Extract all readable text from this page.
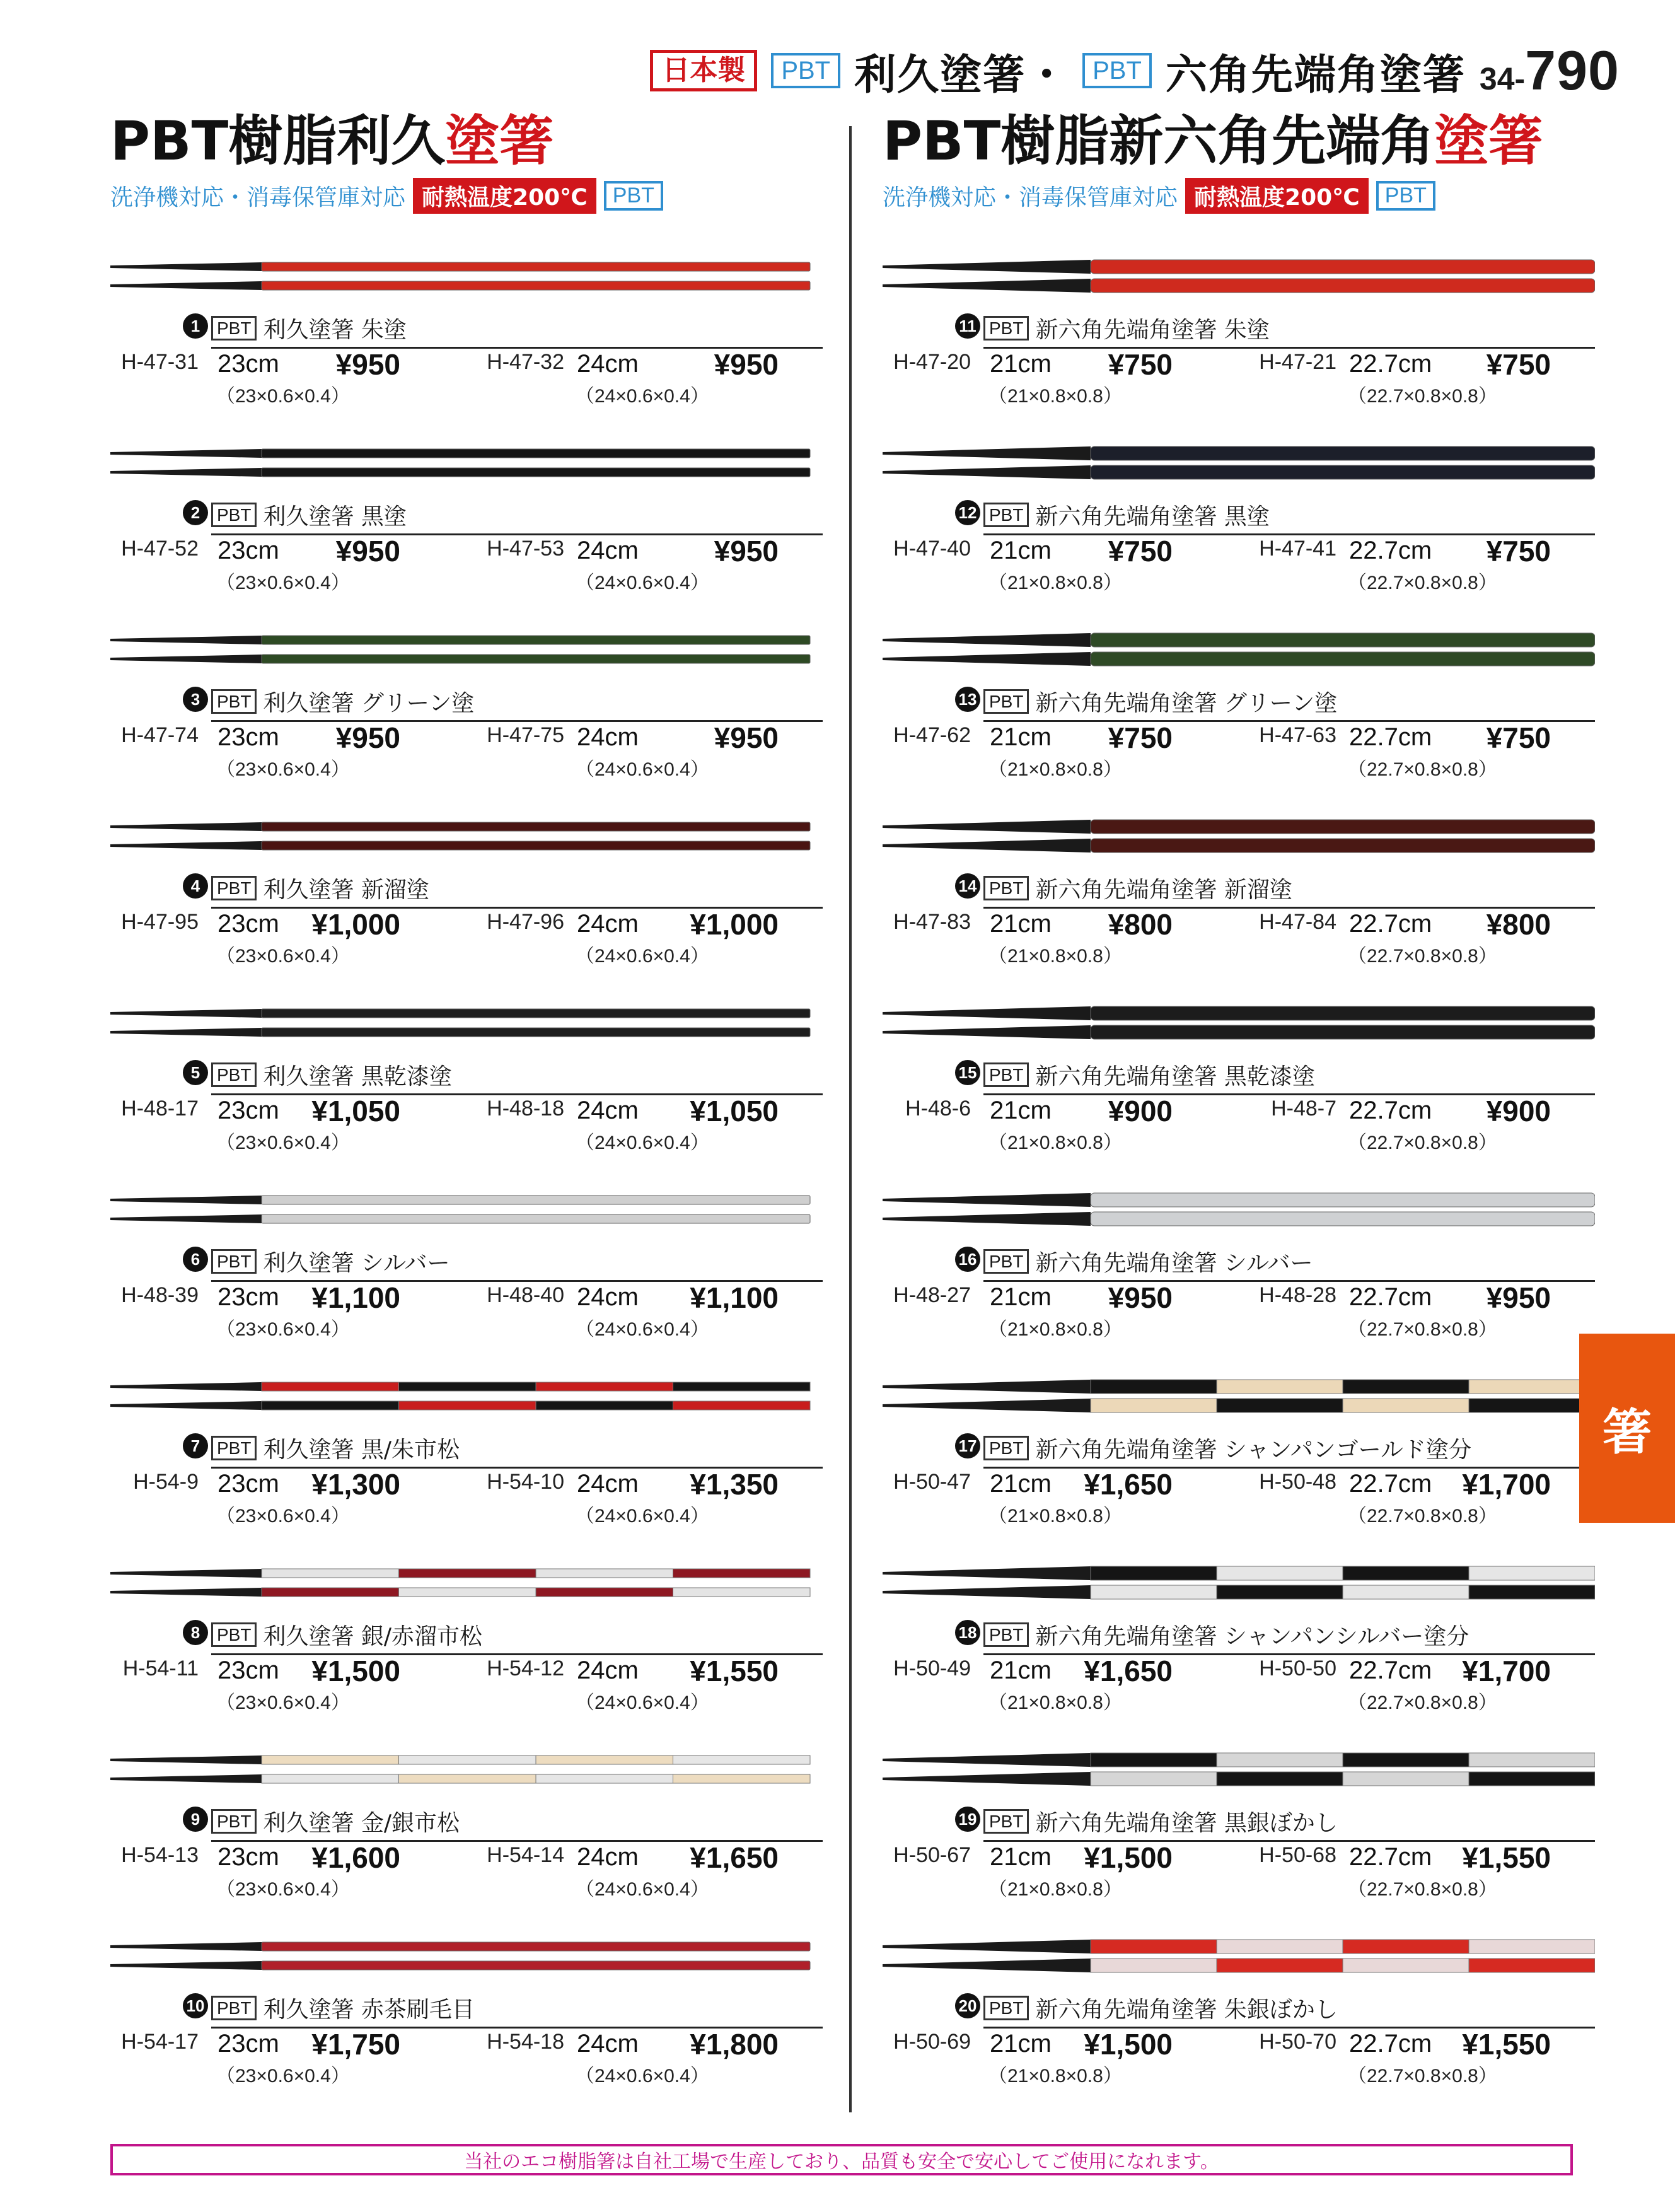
日本製	PBT 利久塗箸・ PBT 六角先端角塗箸 34- 790
PBT樹脂利久塗箸
洗浄機対応・消毒保管庫対応 耐熱温度200℃	PBT
1 PBT 利久塗箸 朱塗
H-47-31 23cm	¥950
（23×0.6×0.4）
H-47-32 24cm	¥950
（24×0.6×0.4）
2 PBT 利久塗箸 黒塗
H-47-52 23cm	¥950
（23×0.6×0.4）
H-47-53 24cm	¥950
（24×0.6×0.4）
3 PBT 利久塗箸 グリーン塗
H-47-74 23cm	¥950
（23×0.6×0.4）
H-47-75 24cm	¥950
（24×0.6×0.4）
4 PBT 利久塗箸 新溜塗
H-47-95 23cm	¥1,000
（23×0.6×0.4）
H-47-96 24cm	¥1,000
（24×0.6×0.4）
5 PBT 利久塗箸 黒乾漆塗
H-48-17 23cm	¥1,050
（23×0.6×0.4）
H-48-18 24cm	¥1,050
（24×0.6×0.4）
6 PBT 利久塗箸 シルバー
H-48-39 23cm	¥1,100
（23×0.6×0.4）
H-48-40 24cm	¥1,100
（24×0.6×0.4）
7 PBT 利久塗箸 黒/朱市松
H-54-9 23cm	¥1,300
（23×0.6×0.4）
H-54-10 24cm	¥1,350
（24×0.6×0.4）
8 PBT 利久塗箸 銀/赤溜市松
H-54-11 23cm	¥1,500
（23×0.6×0.4）
H-54-12 24cm	¥1,550
（24×0.6×0.4）
9 PBT 利久塗箸 金/銀市松
H-54-13 23cm	¥1,600
（23×0.6×0.4）
H-54-14 24cm	¥1,650
（24×0.6×0.4）
10 PBT 利久塗箸 赤茶刷毛目
H-54-17 23cm	¥1,750
（23×0.6×0.4）
H-54-18 24cm	¥1,800
（24×0.6×0.4）
PBT樹脂新六角先端角塗箸
洗浄機対応・消毒保管庫対応 耐熱温度200℃	PBT
11 PBT 新六角先端角塗箸 朱塗
H-47-20 21cm	¥750
（21×0.8×0.8）
H-47-21 22.7cm	¥750
（22.7×0.8×0.8）
12 PBT 新六角先端角塗箸 黒塗
H-47-40 21cm	¥750
（21×0.8×0.8）
H-47-41 22.7cm	¥750
（22.7×0.8×0.8）
13 PBT 新六角先端角塗箸 グリーン塗
H-47-62 21cm	¥750
（21×0.8×0.8）
H-47-63 22.7cm	¥750
（22.7×0.8×0.8）
14 PBT 新六角先端角塗箸 新溜塗
H-47-83 21cm	¥800
（21×0.8×0.8）
H-47-84 22.7cm	¥800
（22.7×0.8×0.8）
15 PBT 新六角先端角塗箸 黒乾漆塗
H-48-6 21cm	¥900
（21×0.8×0.8）
H-48-7 22.7cm	¥900
（22.7×0.8×0.8）
16 PBT 新六角先端角塗箸 シルバー
H-48-27 21cm	¥950
（21×0.8×0.8）
H-48-28 22.7cm	¥950
（22.7×0.8×0.8）
17 PBT 新六角先端角塗箸 シャンパンゴールド塗分
H-50-47 21cm	¥1,650
（21×0.8×0.8）
H-50-48 22.7cm	¥1,700
（22.7×0.8×0.8）
18 PBT 新六角先端角塗箸 シャンパンシルバー塗分
H-50-49 21cm	¥1,650
（21×0.8×0.8）
H-50-50 22.7cm	¥1,700
（22.7×0.8×0.8）
19 PBT 新六角先端角塗箸 黒銀ぼかし
H-50-67 21cm	¥1,500
（21×0.8×0.8）
H-50-68 22.7cm	¥1,550
（22.7×0.8×0.8）
20 PBT 新六角先端角塗箸 朱銀ぼかし
H-50-69 21cm	¥1,500
（21×0.8×0.8）
H-50-70 22.7cm	¥1,550
（22.7×0.8×0.8）
箸
当社のエコ樹脂箸は自社工場で生産しており、品質も安全で安心してご使用になれます。
